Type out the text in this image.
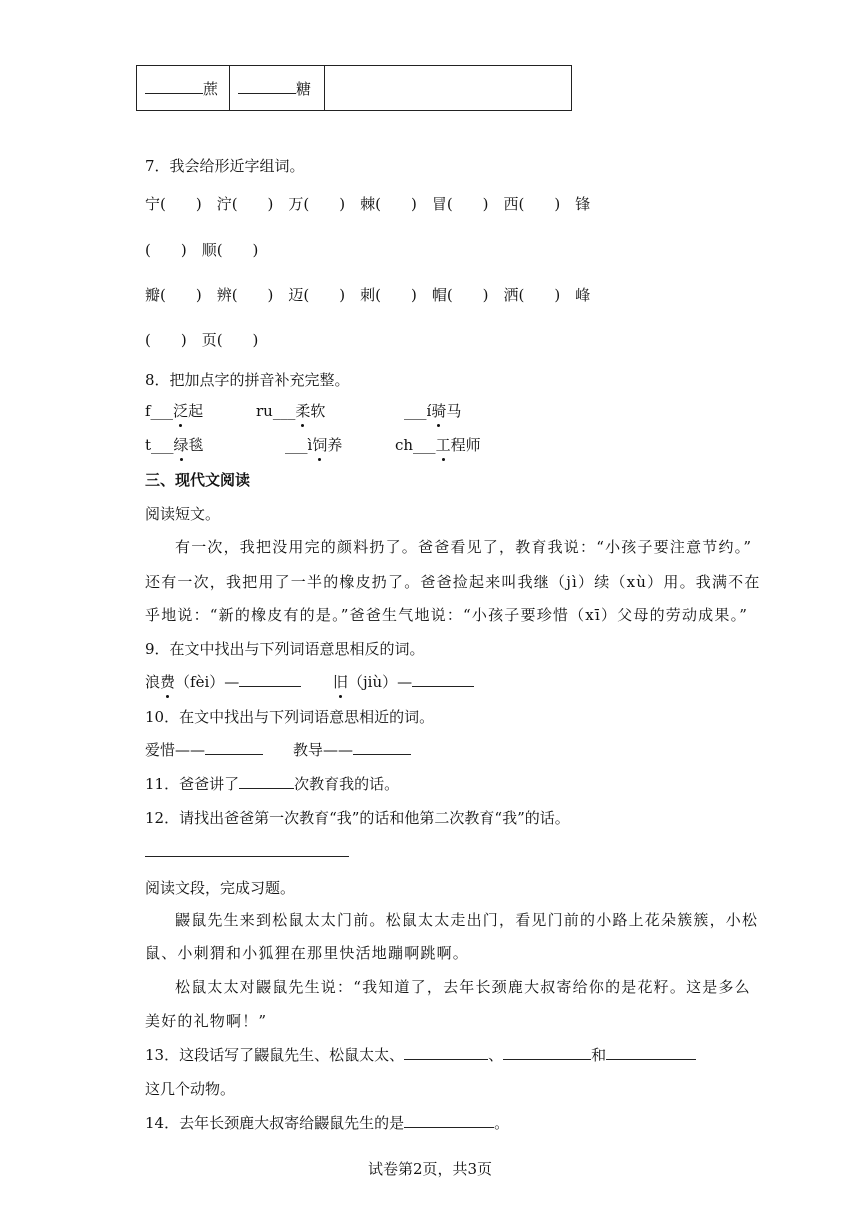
蔗	糖	
7．我会给形近字组词。
宁(　　)　泞(　　)　万(　　)　棘(　　)　冒(　　)　西(　　)　锋
(　　)　顺(　　)
瓣(　　)　辨(　　)　迈(　　)　刺(　　)　帽(　　)　洒(　　)　峰
(　　)　页(　　)
8．把加点字的拼音补充完整。
f___泛起	ru___柔软	___í骑马
t___绿毯	___ì饲养	ch___工程师
三、现代文阅读
阅读短文。
有一次，我把没用完的颜料扔了。爸爸看见了，教育我说：“小孩子要注意节约。”
还有一次，我把用了一半的橡皮扔了。爸爸捡起来叫我继（jì）续（xù）用。我满不在
乎地说：“新的橡皮有的是。”爸爸生气地说：“小孩子要珍惜（xī）父母的劳动成果。”
9．在文中找出与下列词语意思相反的词。
浪费（fèi）—	旧（jiù）—
10．在文中找出与下列词语意思相近的词。
爱惜——	教导——
11．爸爸讲了	次教育我的话。
12．请找出爸爸第一次教育“我”的话和他第二次教育“我”的话。
阅读文段，完成习题。
鼹鼠先生来到松鼠太太门前。松鼠太太走出门，看见门前的小路上花朵簇簇，小松
鼠、小刺猬和小狐狸在那里快活地蹦啊跳啊。
松鼠太太对鼹鼠先生说：“我知道了，去年长颈鹿大叔寄给你的是花籽。这是多么
美好的礼物啊！”
13．这段话写了鼹鼠先生、松鼠太太、	、	和
这几个动物。
14．去年长颈鹿大叔寄给鼹鼠先生的是	。
试卷第2页，共3页
